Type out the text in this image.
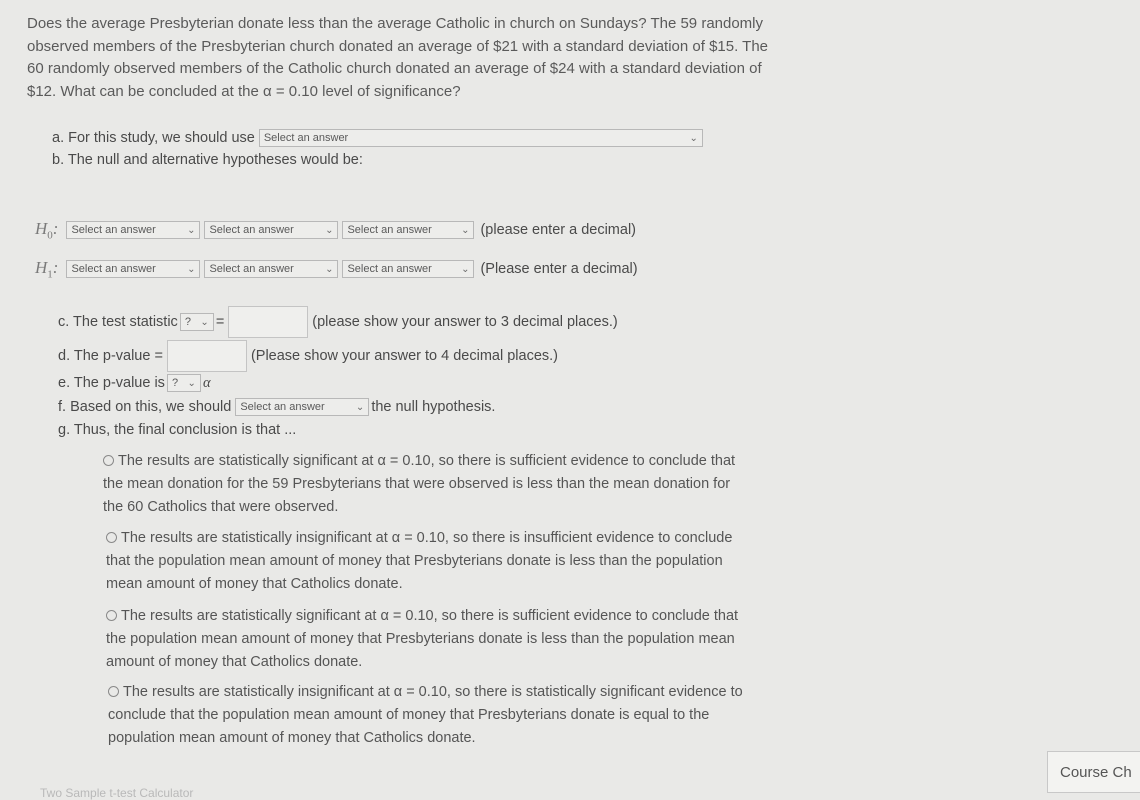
Does the average Presbyterian donate less than the average Catholic in church on Sundays? The 59 randomly observed members of the Presbyterian church donated an average of $21 with a standard deviation of $15. The 60 randomly observed members of the Catholic church donated an average of $24 with a standard deviation of $12. What can be concluded at the α = 0.10 level of significance?
a. For this study, we should use Select an answer	⌄
b. The null and alternative hypotheses would be:
$H_0$: Select an answer	⌄ Select an answer	⌄ Select an answer	⌄ (please enter a decimal)
$H_1$: Select an answer	⌄ Select an answer	⌄ Select an answer	⌄ (Please enter a decimal)
c. The test statistic ? ⌄ =	(please show your answer to 3 decimal places.)
d. The p-value =	(Please show your answer to 4 decimal places.)
e. The p-value is ? ⌄ α
f. Based on this, we should Select an answer	⌄ the null hypothesis.
g. Thus, the final conclusion is that ...
The results are statistically significant at α = 0.10, so there is sufficient evidence to conclude that the mean donation for the 59 Presbyterians that were observed is less than the mean donation for the 60 Catholics that were observed.
The results are statistically insignificant at α = 0.10, so there is insufficient evidence to conclude that the population mean amount of money that Presbyterians donate is less than the population mean amount of money that Catholics donate.
The results are statistically significant at α = 0.10, so there is sufficient evidence to conclude that the population mean amount of money that Presbyterians donate is less than the population mean amount of money that Catholics donate.
The results are statistically insignificant at α = 0.10, so there is statistically significant evidence to conclude that the population mean amount of money that Presbyterians donate is equal to the population mean amount of money that Catholics donate.
Course Ch
Two Sample t-test Calculator
